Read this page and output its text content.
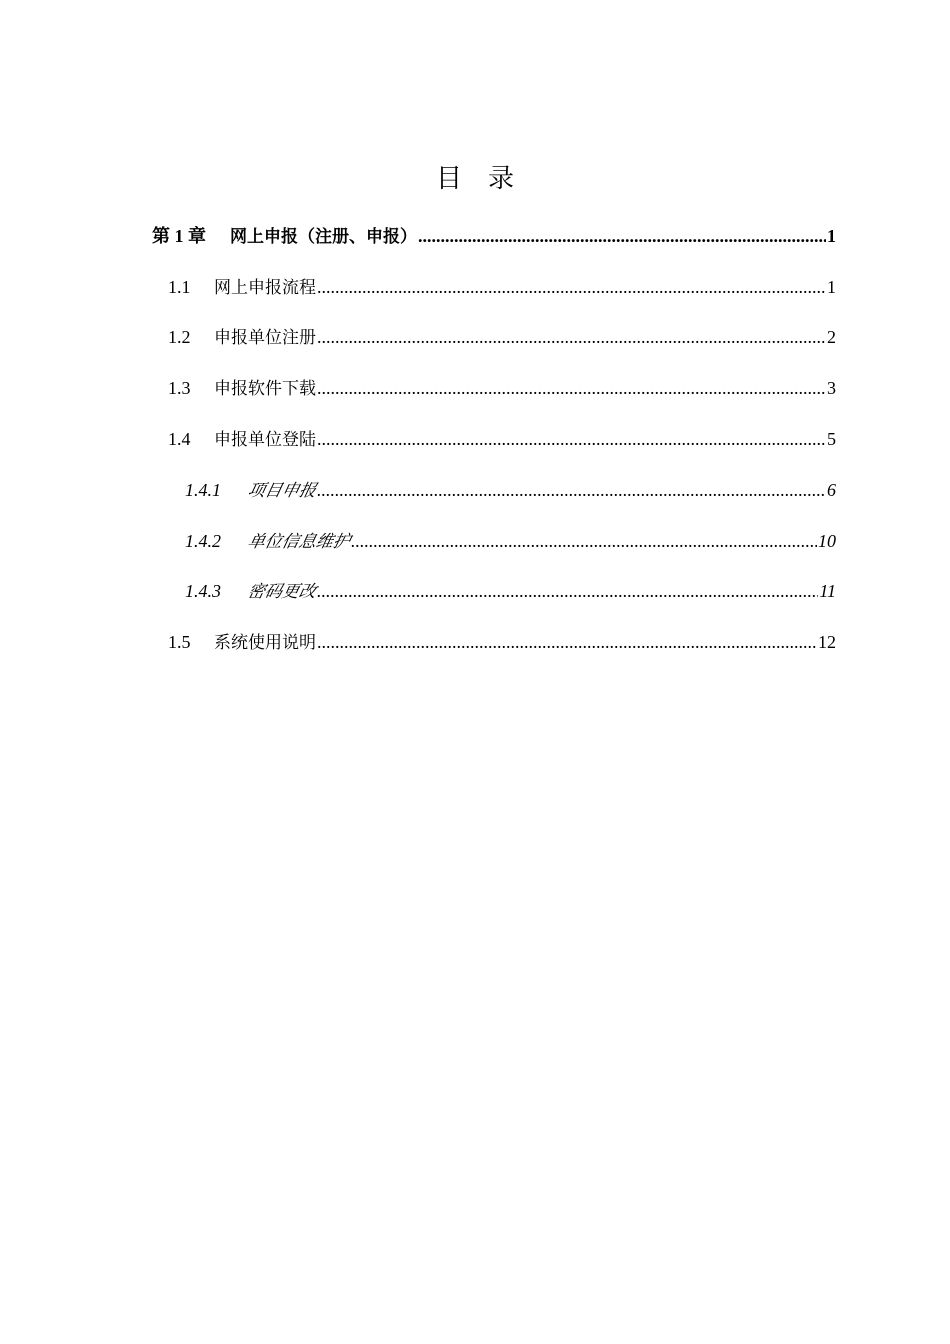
目 录
第 1 章	网上申报（注册、申报） .....	1
1.1	网上申报流程 .....	1
1.2	申报单位注册 .....	2
1.3	申报软件下载 .....	3
1.4	申报单位登陆 .....	5
1.4.1	项目申报 .....	6
1.4.2	单位信息维护 .....	10
1.4.3	密码更改 .....	11
1.5	系统使用说明 .....	12
